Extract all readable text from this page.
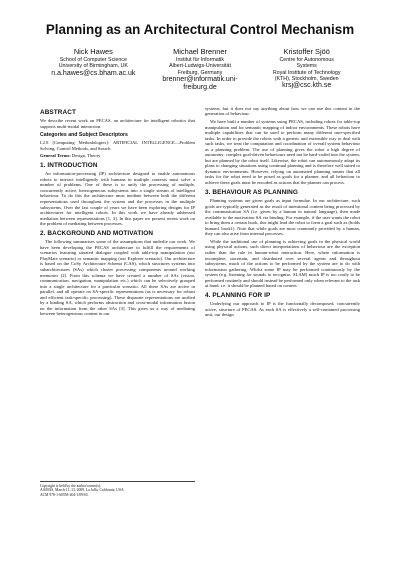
Planning as an Architectural Control Mechanism
Nick Hawes
School of Computer Science
University of Birmingham, UK
n.a.hawes@cs.bham.ac.uk
Michael Brenner
Institut für Informatik
Albert-Ludwigs-Universität
Freiburg, Germany
brenner@informatik.uni-
freiburg.de
Kristoffer Sjöö
Centre for Autonomous
Systems
Royal Institute of Technology
(KTH), Stockholm, Sweden
krsj@csc.kth.se
ABSTRACT

We describe recent work on PECAS, an architecture for intelligent robotics that supports multi-modal interaction.

Categories and Subject Descriptors

I.2.8 [Computing Methodologies]: ARTIFICIAL INTELLIGENCE—Problem Solving, Control Methods, and Search

General Terms: Design, Theory

1. INTRODUCTION

An information-processing (IP) architecture designed to enable autonomous robots to interact intelligently with humans in multiple contexts must solve a number of problems. One of these is to unify the processing of multiple, concurrently active, heterogeneous subsystems into a single stream of intelligent behaviour. To do this the architecture must mediate between both the different representations used throughout the system and the processes in the multiple subsystems. Over the last couple of years we have been exploring designs for IP architectures for intelligent robots. In this work we have already addressed mediation between representations [1, 3]. In this paper we present recent work on the problem of mediating between processes.

2. BACKGROUND AND MOTIVATION

The following summarises some of the assumptions that underlie our work. We have been developing the PECAS architecture to fulfill the requirements of scenarios featuring situated dialogue coupled with table-top manipulation (our PlayMate scenario) or semantic mapping (our Explorer scenario). Our architecture is based on the CoSy Architecture Schema (CAS), which structures systems into subarchitectures (SAs) which cluster processing components around working memories [2]. From this schema we have created a number of SAs (vision, communication, navigation, manipulation etc.) which can be selectively grouped into a single architecture for a particular scenario. All these SAs are active in parallel, and all operate on SA-specific representations (as is necessary for robust and efficient task-specific processing). These disparate representations are unified by a binding SA, which performs abstraction and cross-modal information fusion on the information from the other SAs [3]. This gives us a way of mediating between heterogeneous content in our

Copyright is held by the author/owner(s).
AAMAS, March 11–13, 2009, La Jolla, California, USA.
ACM 978-1-60558-404-1/09/03.

systems, but it does not say anything about how we can use this content in the generation of behaviour.

We have built a number of systems using PECAS, including robots for table-top manipulation and for semantic mapping of indoor environments. These robots have multiple capabilities that can be used to perform many different user-specified tasks. In order to provide the robots with a generic and extensible way to deal with such tasks, we treat the computation and coordination of overall system behaviour as a planning problem. The use of planning gives the robot a high degree of autonomy: complex goal-driven behaviours need not be hard-coded into the system, but are planned by the robot itself. Likewise, the robot can autonomously adapt its plans to changing situations using continual planning and is therefore well suited to dynamic environments. However, relying on automated planning means that all tasks for the robot need to be posed as goals for a planner, and all behaviour to achieve these goals must be encoded as actions that the planner can process.

3. BEHAVIOUR AS PLANNING

Planning systems are given goals as input formulae. In our architecture, such goals are typically generated as the result of intentional content being processed by the communication SA (i.e. given by a human in natural language), then made available to the motivation SA via binding. For example, if the user wants the robot to bring them a certain book, this might lead the robot to form a goal such as (holds human1 book1). Note that while goals are most commonly provided by a human, they can also arise from internal processes.

While the traditional use of planning is achieving goals in the physical world using physical actions, such direct interpretations of behaviour are the exception rather than the rule in human-robot interaction. Here, where information is incomplete, uncertain, and distributed over several agents and throughout subsystems, much of the actions to be performed by the system are to do with information gathering. Whilst some IP may be performed continuously by the system (e.g. listening for sounds to recognise, SLAM) much IP is too costly to be performed routinely and should instead be performed only when relevant to the task at hand, i.e. it should be planned based on context.

4. PLANNING FOR IP

Underlying our approach to IP is the functionally decomposed, concurrently active, structure of PECAS. As each SA is effectively a self-contained processing unit, our design
